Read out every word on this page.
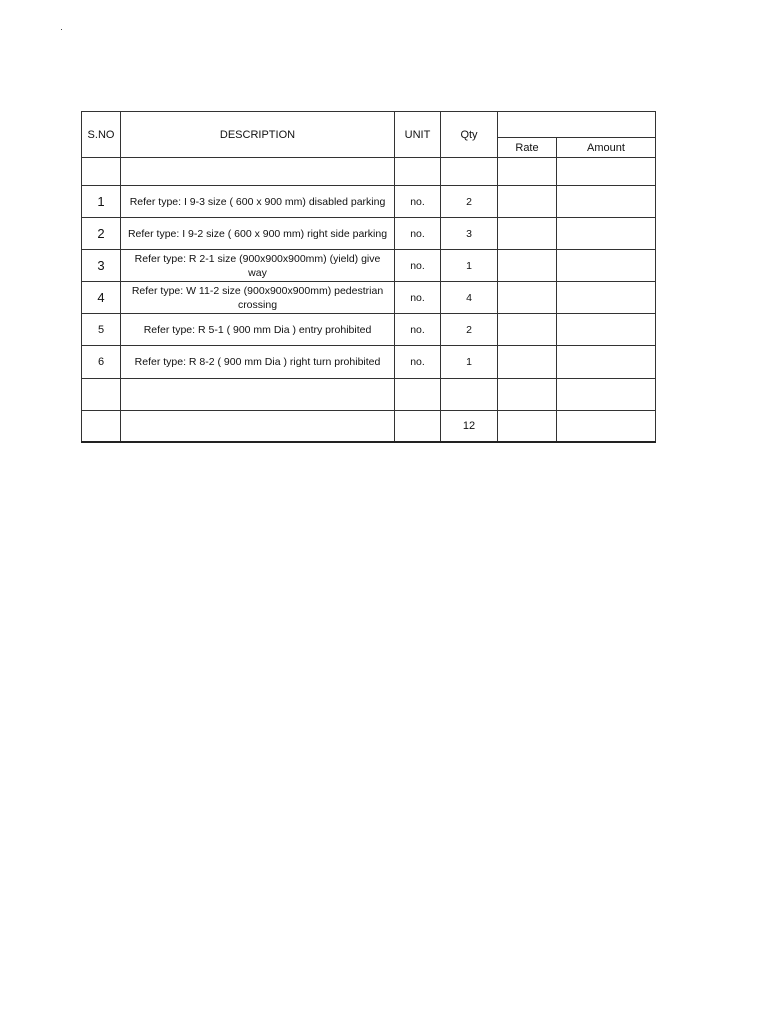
S.NO	DESCRIPTION	UNIT	Qty		
				Rate	Amount

1	Refer type: I 9-3 size ( 600 x 900 mm) disabled parking	no.	2		
2	Refer type: I 9-2 size ( 600 x 900 mm) right side parking	no.	3		
3	Refer type: R 2-1 size (900x900x900mm) (yield) give way	no.	1		
4	Refer type: W 11-2 size (900x900x900mm) pedestrian crossing	no.	4		
5	Refer type: R 5-1 ( 900 mm Dia ) entry prohibited	no.	2		
6	Refer type: R 8-2 ( 900 mm Dia ) right turn prohibited	no.	1		

			12		
